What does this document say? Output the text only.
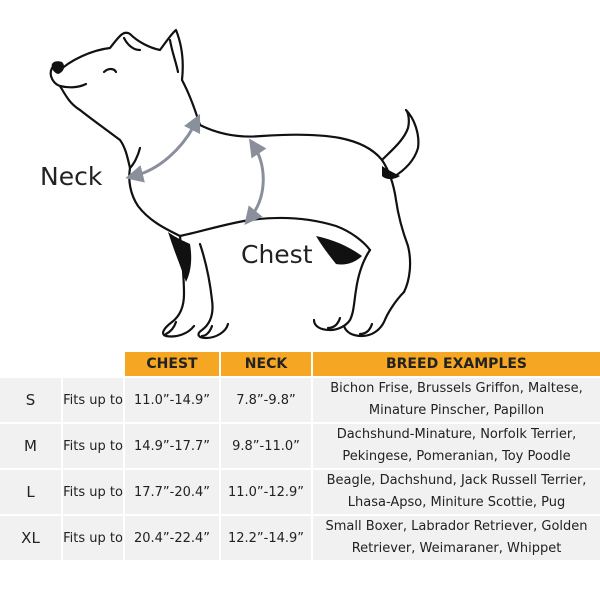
Neck
Chest
		CHEST	NECK	BREED EXAMPLES
S	Fits up to	11.0”-14.9”	7.8”-9.8”	Bichon Frise, Brussels Griffon, Maltese,
Minature Pinscher, Papillon

M	Fits up to	14.9”-17.7”	9.8”-11.0”	Dachshund-Minature, Norfolk Terrier,
Pekingese, Pomeranian, Toy Poodle

L	Fits up to	17.7”-20.4”	11.0”-12.9”	Beagle, Dachshund, Jack Russell Terrier,
Lhasa-Apso, Miniture Scottie, Pug

XL	Fits up to	20.4”-22.4”	12.2”-14.9”	Small Boxer, Labrador Retriever, Golden
Retriever, Weimaraner, Whippet
